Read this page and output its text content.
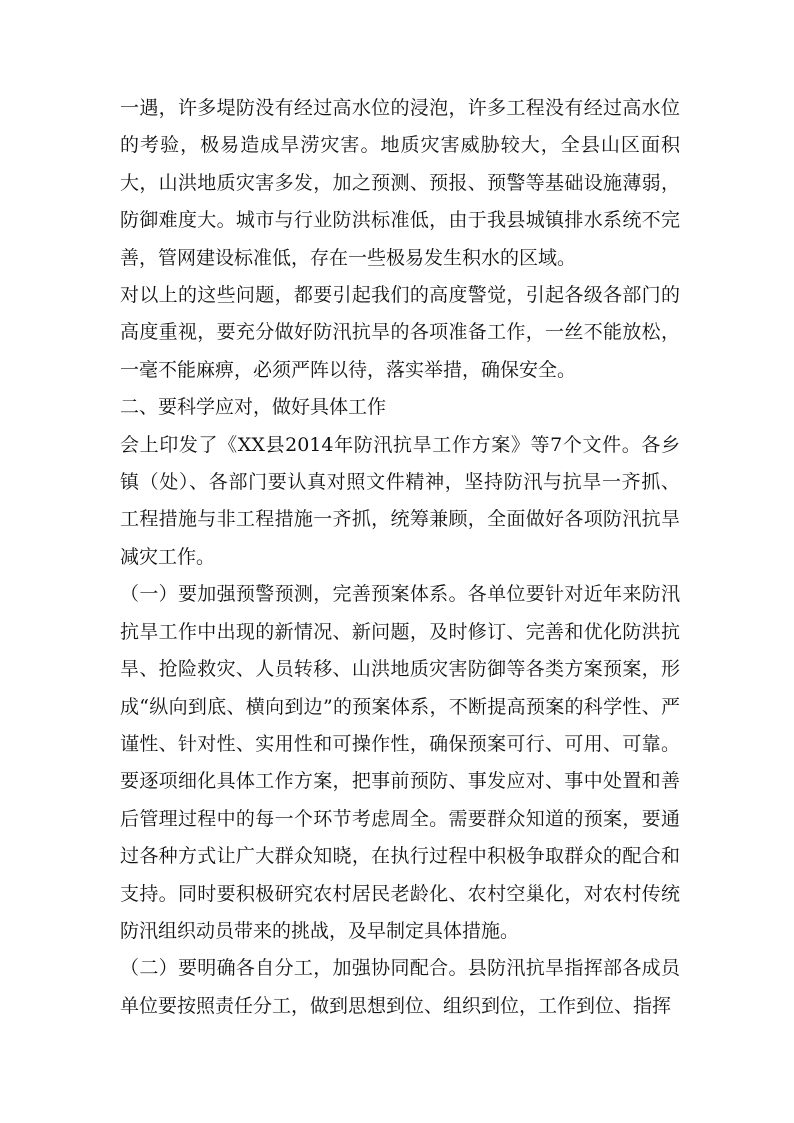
一遇，许多堤防没有经过高水位的浸泡，许多工程没有经过高水位的考验，极易造成旱涝灾害。地质灾害威胁较大，全县山区面积大，山洪地质灾害多发，加之预测、预报、预警等基础设施薄弱，防御难度大。城市与行业防洪标准低，由于我县城镇排水系统不完善，管网建设标准低，存在一些极易发生积水的区域。

对以上的这些问题，都要引起我们的高度警觉，引起各级各部门的高度重视，要充分做好防汛抗旱的各项准备工作，一丝不能放松，一毫不能麻痹，必须严阵以待，落实举措，确保安全。

二、要科学应对，做好具体工作

会上印发了《XX县2014年防汛抗旱工作方案》等7个文件。各乡镇（处）、各部门要认真对照文件精神，坚持防汛与抗旱一齐抓、工程措施与非工程措施一齐抓，统筹兼顾，全面做好各项防汛抗旱减灾工作。

（一）要加强预警预测，完善预案体系。各单位要针对近年来防汛抗旱工作中出现的新情况、新问题，及时修订、完善和优化防洪抗旱、抢险救灾、人员转移、山洪地质灾害防御等各类方案预案，形成“纵向到底、横向到边”的预案体系，不断提高预案的科学性、严谨性、针对性、实用性和可操作性，确保预案可行、可用、可靠。要逐项细化具体工作方案，把事前预防、事发应对、事中处置和善后管理过程中的每一个环节考虑周全。需要群众知道的预案，要通过各种方式让广大群众知晓，在执行过程中积极争取群众的配合和支持。同时要积极研究农村居民老龄化、农村空巢化，对农村传统防汛组织动员带来的挑战，及早制定具体措施。

（二）要明确各自分工，加强协同配合。县防汛抗旱指挥部各成员单位要按照责任分工，做到思想到位、组织到位，工作到位、指挥
